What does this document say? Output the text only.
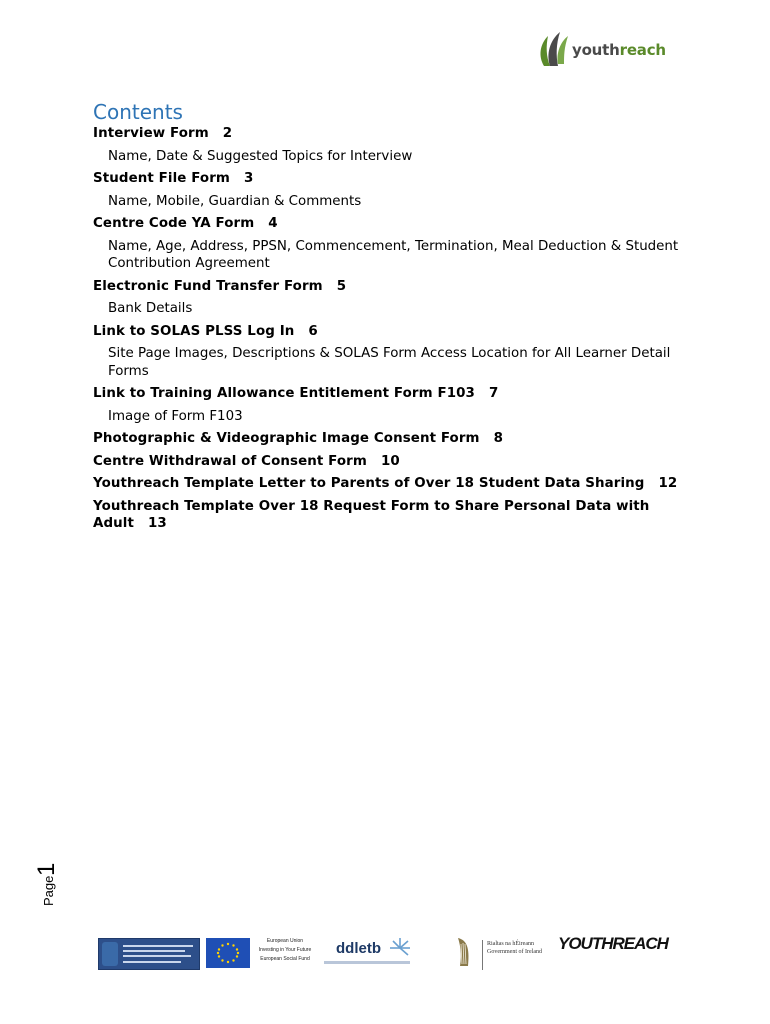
youthreach
Contents
Interview Form 2
Name, Date & Suggested Topics for Interview
Student File Form 3
Name, Mobile, Guardian & Comments
Centre Code YA Form 4
Name, Age, Address, PPSN, Commencement, Termination, Meal Deduction & Student Contribution Agreement
Electronic Fund Transfer Form 5
Bank Details
Link to SOLAS PLSS Log In 6
Site Page Images, Descriptions & SOLAS Form Access Location for All Learner Detail Forms
Link to Training Allowance Entitlement Form F103 7
Image of Form F103
Photographic & Videographic Image Consent Form 8
Centre Withdrawal of Consent Form 10
Youthreach Template Letter to Parents of Over 18 Student Data Sharing 12
Youthreach Template Over 18 Request Form to Share Personal Data with Adult 13
Page
1
European Union
Investing in Your Future
European Social Fund
ddletb	Rialtas na hÉireann
Government of Ireland YOUTHREACH
